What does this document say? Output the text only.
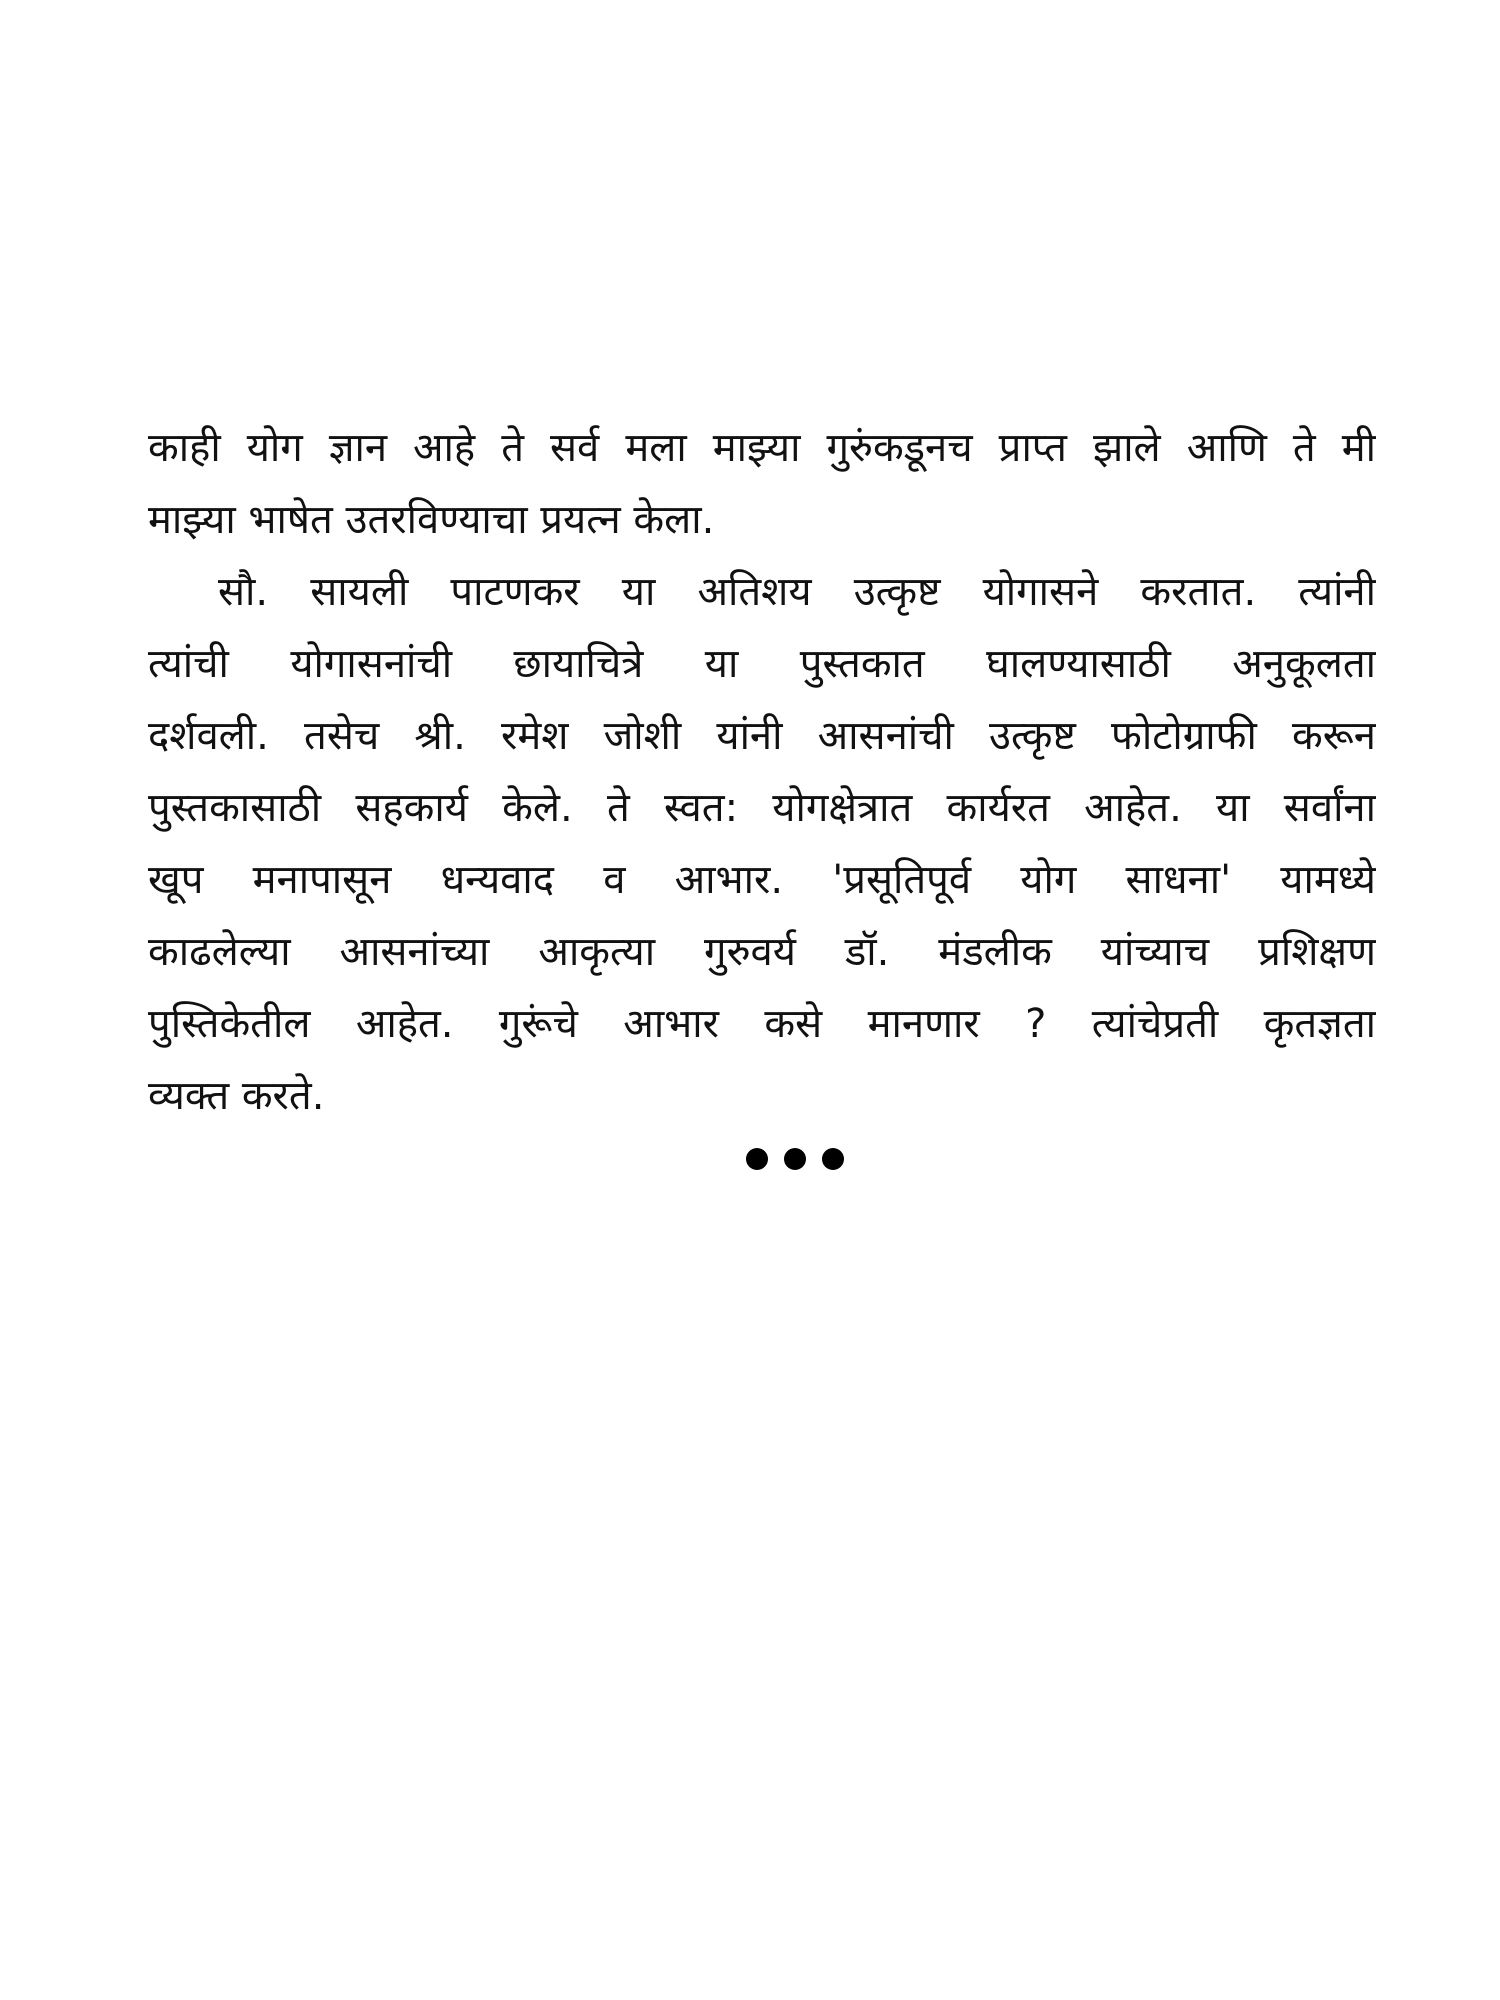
काही योग ज्ञान आहे ते सर्व मला माझ्या गुरुंकडूनच प्राप्त झाले आणि ते मी
माझ्या भाषेत उतरविण्याचा प्रयत्न केला.
सौ. सायली पाटणकर या अतिशय उत्कृष्ट योगासने करतात. त्यांनी
त्यांची योगासनांची छायाचित्रे या पुस्तकात घालण्यासाठी अनुकूलता
दर्शवली. तसेच श्री. रमेश जोशी यांनी आसनांची उत्कृष्ट फोटोग्राफी करून
पुस्तकासाठी सहकार्य केले. ते स्वत: योगक्षेत्रात कार्यरत आहेत. या सर्वांना
खूप मनापासून धन्यवाद व आभार. 'प्रसूतिपूर्व योग साधना' यामध्ये
काढलेल्या आसनांच्या आकृत्या गुरुवर्य डॉ. मंडलीक यांच्याच प्रशिक्षण
पुस्तिकेतील आहेत. गुरूंचे आभार कसे मानणार ? त्यांचेप्रती कृतज्ञता
व्यक्त करते.
